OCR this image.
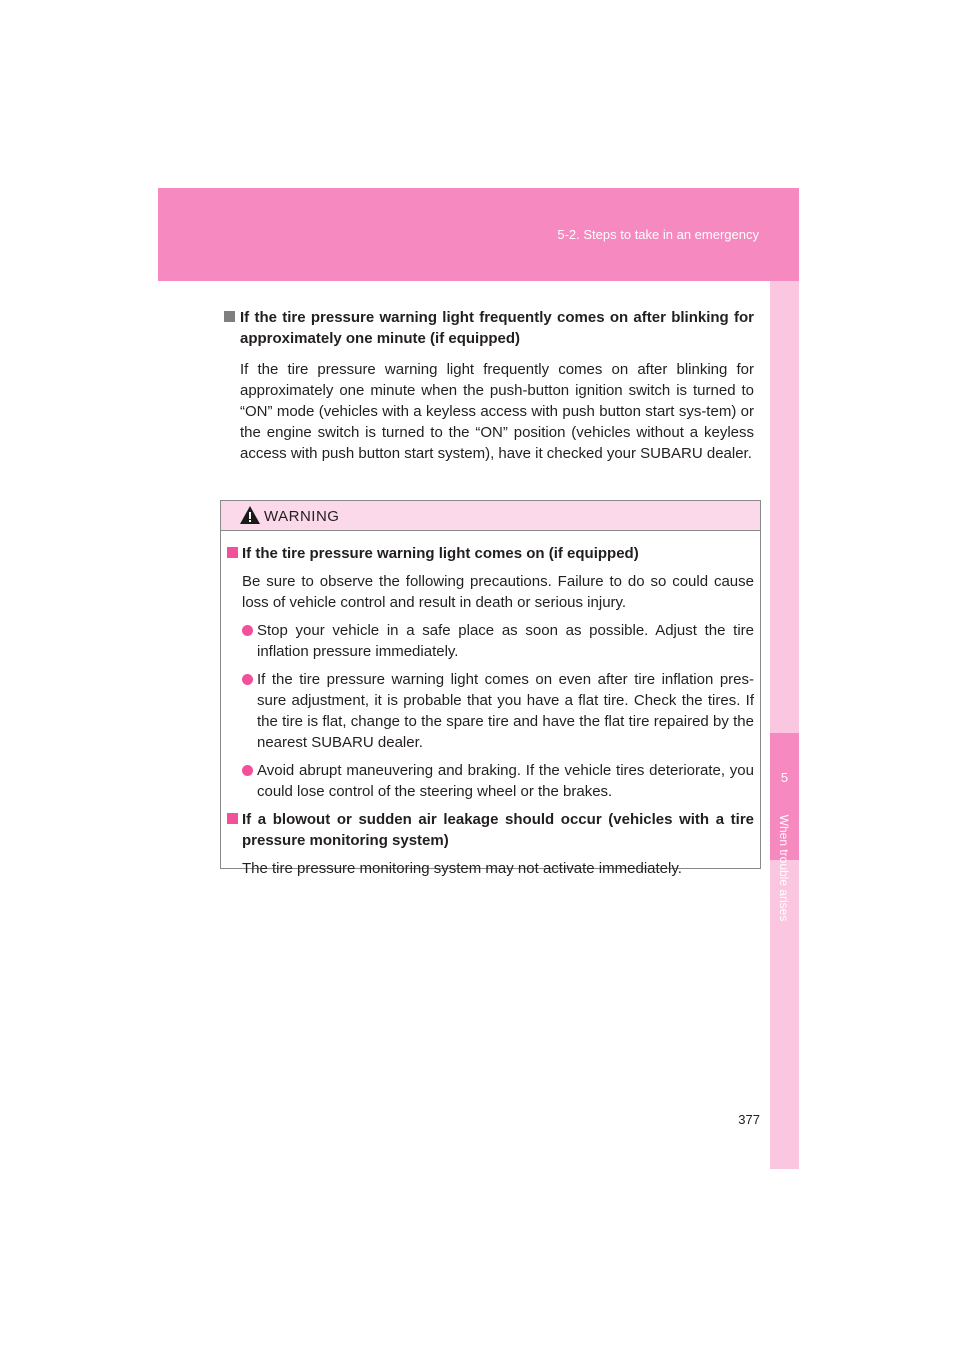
5-2. Steps to take in an emergency
5
When trouble arises
If the tire pressure warning light frequently comes on after blinking for approximately one minute (if equipped)
If the tire pressure warning light frequently comes on after blinking for approximately one minute when the push-button ignition switch is turned to “ON” mode (vehicles with a keyless access with push button start sys-tem) or the engine switch is turned to the “ON” position (vehicles without a keyless access with push button start system), have it checked your SUBARU dealer.
WARNING
If the tire pressure warning light comes on (if equipped)
Be sure to observe the following precautions. Failure to do so could cause loss of vehicle control and result in death or serious injury.
Stop your vehicle in a safe place as soon as possible. Adjust the tire inflation pressure immediately.
If the tire pressure warning light comes on even after tire inflation pres-sure adjustment, it is probable that you have a flat tire. Check the tires. If the tire is flat, change to the spare tire and have the flat tire repaired by the nearest SUBARU dealer.
Avoid abrupt maneuvering and braking. If the vehicle tires deteriorate, you could lose control of the steering wheel or the brakes.
If a blowout or sudden air leakage should occur (vehicles with a tire pressure monitoring system)
The tire pressure monitoring system may not activate immediately.
377
